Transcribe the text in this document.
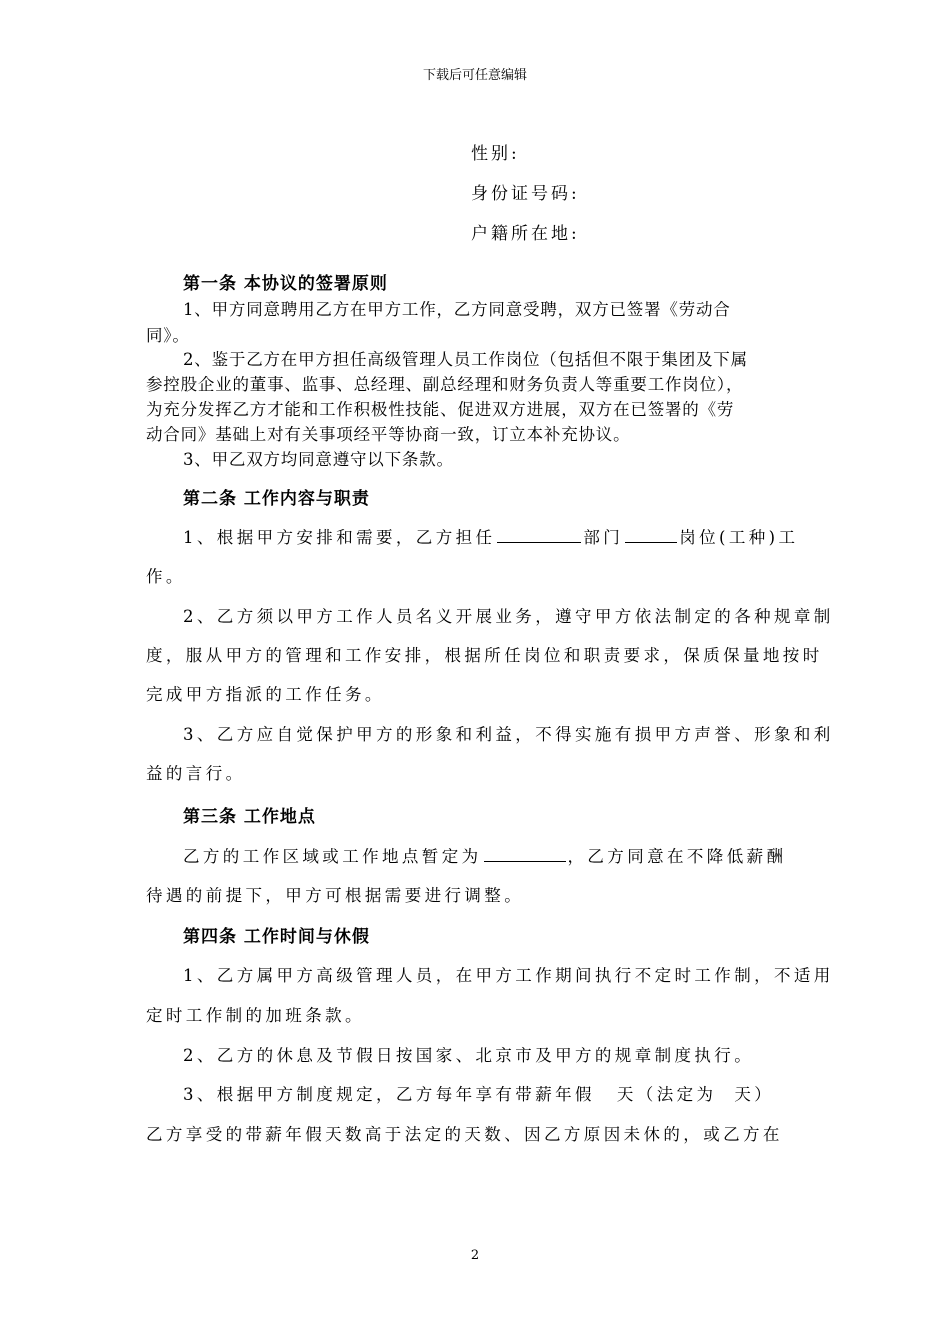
下载后可任意编辑
性别:
身份证号码:
户籍所在地:
第一条 本协议的签署原则
1、甲方同意聘用乙方在甲方工作，乙方同意受聘，双方已签署《劳动合
同》。
2、鉴于乙方在甲方担任高级管理人员工作岗位（包括但不限于集团及下属
参控股企业的董事、监事、总经理、副总经理和财务负责人等重要工作岗位），
为充分发挥乙方才能和工作积极性技能、促进双方进展，双方在已签署的《劳
动合同》基础上对有关事项经平等协商一致，订立本补充协议。
3、甲乙双方均同意遵守以下条款。
第二条 工作内容与职责
1、根据甲方安排和需要，乙方担任	部门	岗位(工种)工
作。
2、乙方须以甲方工作人员名义开展业务，遵守甲方依法制定的各种规章制
度，服从甲方的管理和工作安排，根据所任岗位和职责要求，保质保量地按时
完成甲方指派的工作任务。
3、乙方应自觉保护甲方的形象和利益，不得实施有损甲方声誉、形象和利
益的言行。
第三条 工作地点
乙方的工作区域或工作地点暂定为	，乙方同意在不降低薪酬
待遇的前提下，甲方可根据需要进行调整。
第四条 工作时间与休假
1、乙方属甲方高级管理人员，在甲方工作期间执行不定时工作制，不适用
定时工作制的加班条款。
2、乙方的休息及节假日按国家、北京市及甲方的规章制度执行。
3、根据甲方制度规定，乙方每年享有带薪年假 天（法定为 天）
乙方享受的带薪年假天数高于法定的天数、因乙方原因未休的，或乙方在
2
